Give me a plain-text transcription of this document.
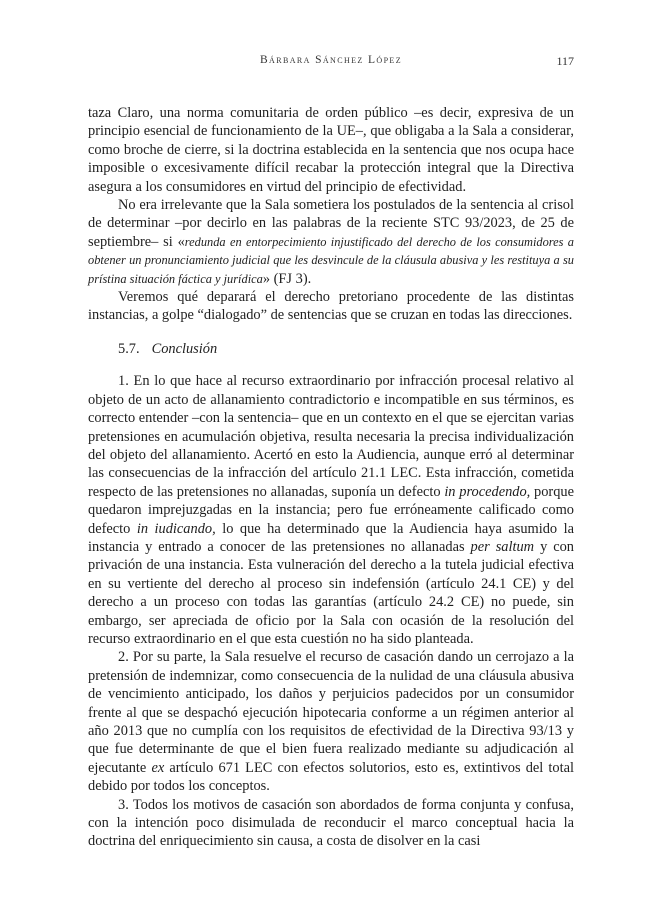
Bárbara Sánchez López	117

taza Claro, una norma comunitaria de orden público –es decir, expresiva de un principio esencial de funcionamiento de la UE–, que obligaba a la Sala a considerar, como broche de cierre, si la doctrina establecida en la sentencia que nos ocupa hace imposible o excesivamente difícil recabar la protección integral que la Directiva asegura a los consumidores en virtud del principio de efectividad.

No era irrelevante que la Sala sometiera los postulados de la sentencia al crisol de determinar –por decirlo en las palabras de la reciente STC 93/2023, de 25 de septiembre– si «redunda en entorpecimiento injustificado del derecho de los consumidores a obtener un pronunciamiento judicial que les desvincule de la cláusula abusiva y les restituya a su prístina situación fáctica y jurídica» (FJ 3).

Veremos qué deparará el derecho pretoriano procedente de las distintas instancias, a golpe “dialogado” de sentencias que se cruzan en todas las direcciones.

5.7. Conclusión

1. En lo que hace al recurso extraordinario por infracción procesal relativo al objeto de un acto de allanamiento contradictorio e incompatible en sus términos, es correcto entender –con la sentencia– que en un contexto en el que se ejercitan varias pretensiones en acumulación objetiva, resulta necesaria la precisa individualización del objeto del allanamiento. Acertó en esto la Audiencia, aunque erró al determinar las consecuencias de la infracción del artículo 21.1 LEC. Esta infracción, cometida respecto de las pretensiones no allanadas, suponía un defecto in procedendo, porque quedaron imprejuzgadas en la instancia; pero fue erróneamente calificado como defecto in iudicando, lo que ha determinado que la Audiencia haya asumido la instancia y entrado a conocer de las pretensiones no allanadas per saltum y con privación de una instancia. Esta vulneración del derecho a la tutela judicial efectiva en su vertiente del derecho al proceso sin indefensión (artículo 24.1 CE) y del derecho a un proceso con todas las garantías (artículo 24.2 CE) no puede, sin embargo, ser apreciada de oficio por la Sala con ocasión de la resolución del recurso extraordinario en el que esta cuestión no ha sido planteada.

2. Por su parte, la Sala resuelve el recurso de casación dando un cerrojazo a la pretensión de indemnizar, como consecuencia de la nulidad de una cláusula abusiva de vencimiento anticipado, los daños y perjuicios padecidos por un consumidor frente al que se despachó ejecución hipotecaria conforme a un régimen anterior al año 2013 que no cumplía con los requisitos de efectividad de la Directiva 93/13 y que fue determinante de que el bien fuera realizado mediante su adjudicación al ejecutante ex artículo 671 LEC con efectos solutorios, esto es, extintivos del total debido por todos los conceptos.

3. Todos los motivos de casación son abordados de forma conjunta y confusa, con la intención poco disimulada de reconducir el marco conceptual hacia la doctrina del enriquecimiento sin causa, a costa de disolver en la casi
